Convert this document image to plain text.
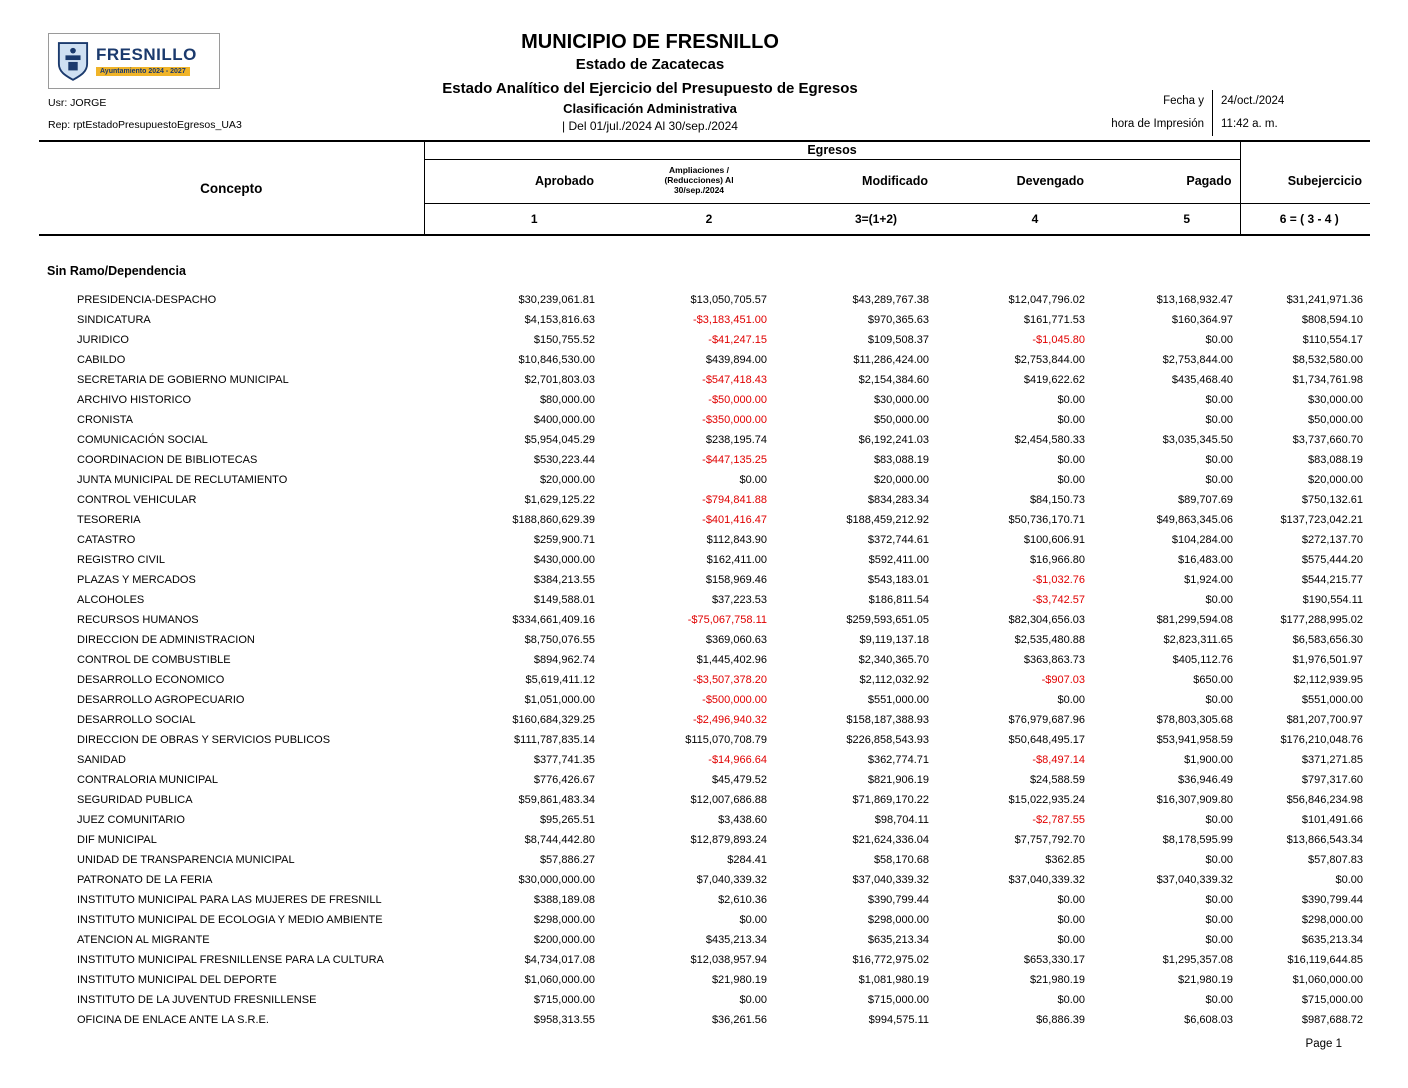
FRESNILLO
Ayuntamiento 2024 - 2027
Usr: JORGE
Rep: rptEstadoPresupuestoEgresos_UA3
MUNICIPIO DE FRESNILLO
Estado de Zacatecas
Estado Analítico del Ejercicio del Presupuesto de Egresos
Clasificación Administrativa
| Del 01/jul./2024 Al 30/sep./2024
Fecha y
hora de Impresión
24/oct./2024
11:42 a. m.
Concepto	Egresos					
	Aprobado	Ampliaciones / (Reducciones) Al 30/sep./2024	Modificado	Devengado	Pagado	Subejercicio
	1	2	3=(1+2)	4	5	6 = ( 3 - 4 )
Sin Ramo/Dependencia						
PRESIDENCIA-DESPACHO	$30,239,061.81	$13,050,705.57	$43,289,767.38	$12,047,796.02	$13,168,932.47	$31,241,971.36
SINDICATURA	$4,153,816.63	-$3,183,451.00	$970,365.63	$161,771.53	$160,364.97	$808,594.10
JURIDICO	$150,755.52	-$41,247.15	$109,508.37	-$1,045.80	$0.00	$110,554.17
CABILDO	$10,846,530.00	$439,894.00	$11,286,424.00	$2,753,844.00	$2,753,844.00	$8,532,580.00
SECRETARIA DE GOBIERNO MUNICIPAL	$2,701,803.03	-$547,418.43	$2,154,384.60	$419,622.62	$435,468.40	$1,734,761.98
ARCHIVO HISTORICO	$80,000.00	-$50,000.00	$30,000.00	$0.00	$0.00	$30,000.00
CRONISTA	$400,000.00	-$350,000.00	$50,000.00	$0.00	$0.00	$50,000.00
COMUNICACIÓN SOCIAL	$5,954,045.29	$238,195.74	$6,192,241.03	$2,454,580.33	$3,035,345.50	$3,737,660.70
COORDINACION DE BIBLIOTECAS	$530,223.44	-$447,135.25	$83,088.19	$0.00	$0.00	$83,088.19
JUNTA MUNICIPAL DE RECLUTAMIENTO	$20,000.00	$0.00	$20,000.00	$0.00	$0.00	$20,000.00
CONTROL VEHICULAR	$1,629,125.22	-$794,841.88	$834,283.34	$84,150.73	$89,707.69	$750,132.61
TESORERIA	$188,860,629.39	-$401,416.47	$188,459,212.92	$50,736,170.71	$49,863,345.06	$137,723,042.21
CATASTRO	$259,900.71	$112,843.90	$372,744.61	$100,606.91	$104,284.00	$272,137.70
REGISTRO CIVIL	$430,000.00	$162,411.00	$592,411.00	$16,966.80	$16,483.00	$575,444.20
PLAZAS Y MERCADOS	$384,213.55	$158,969.46	$543,183.01	-$1,032.76	$1,924.00	$544,215.77
ALCOHOLES	$149,588.01	$37,223.53	$186,811.54	-$3,742.57	$0.00	$190,554.11
RECURSOS HUMANOS	$334,661,409.16	-$75,067,758.11	$259,593,651.05	$82,304,656.03	$81,299,594.08	$177,288,995.02
DIRECCION DE ADMINISTRACION	$8,750,076.55	$369,060.63	$9,119,137.18	$2,535,480.88	$2,823,311.65	$6,583,656.30
CONTROL DE COMBUSTIBLE	$894,962.74	$1,445,402.96	$2,340,365.70	$363,863.73	$405,112.76	$1,976,501.97
DESARROLLO ECONOMICO	$5,619,411.12	-$3,507,378.20	$2,112,032.92	-$907.03	$650.00	$2,112,939.95
DESARROLLO AGROPECUARIO	$1,051,000.00	-$500,000.00	$551,000.00	$0.00	$0.00	$551,000.00
DESARROLLO SOCIAL	$160,684,329.25	-$2,496,940.32	$158,187,388.93	$76,979,687.96	$78,803,305.68	$81,207,700.97
DIRECCION DE OBRAS Y SERVICIOS PUBLICOS	$111,787,835.14	$115,070,708.79	$226,858,543.93	$50,648,495.17	$53,941,958.59	$176,210,048.76
SANIDAD	$377,741.35	-$14,966.64	$362,774.71	-$8,497.14	$1,900.00	$371,271.85
CONTRALORIA MUNICIPAL	$776,426.67	$45,479.52	$821,906.19	$24,588.59	$36,946.49	$797,317.60
SEGURIDAD PUBLICA	$59,861,483.34	$12,007,686.88	$71,869,170.22	$15,022,935.24	$16,307,909.80	$56,846,234.98
JUEZ COMUNITARIO	$95,265.51	$3,438.60	$98,704.11	-$2,787.55	$0.00	$101,491.66
DIF MUNICIPAL	$8,744,442.80	$12,879,893.24	$21,624,336.04	$7,757,792.70	$8,178,595.99	$13,866,543.34
UNIDAD DE TRANSPARENCIA MUNICIPAL	$57,886.27	$284.41	$58,170.68	$362.85	$0.00	$57,807.83
PATRONATO DE LA FERIA	$30,000,000.00	$7,040,339.32	$37,040,339.32	$37,040,339.32	$37,040,339.32	$0.00
INSTITUTO MUNICIPAL PARA LAS MUJERES DE FRESNILL	$388,189.08	$2,610.36	$390,799.44	$0.00	$0.00	$390,799.44
INSTITUTO MUNICIPAL DE ECOLOGIA Y MEDIO AMBIENTE	$298,000.00	$0.00	$298,000.00	$0.00	$0.00	$298,000.00
ATENCION AL MIGRANTE	$200,000.00	$435,213.34	$635,213.34	$0.00	$0.00	$635,213.34
INSTITUTO MUNICIPAL FRESNILLENSE PARA LA CULTURA	$4,734,017.08	$12,038,957.94	$16,772,975.02	$653,330.17	$1,295,357.08	$16,119,644.85
INSTITUTO MUNICIPAL DEL DEPORTE	$1,060,000.00	$21,980.19	$1,081,980.19	$21,980.19	$21,980.19	$1,060,000.00
INSTITUTO DE LA JUVENTUD FRESNILLENSE	$715,000.00	$0.00	$715,000.00	$0.00	$0.00	$715,000.00
OFICINA DE ENLACE ANTE LA S.R.E.	$958,313.55	$36,261.56	$994,575.11	$6,886.39	$6,608.03	$987,688.72
Page 1
